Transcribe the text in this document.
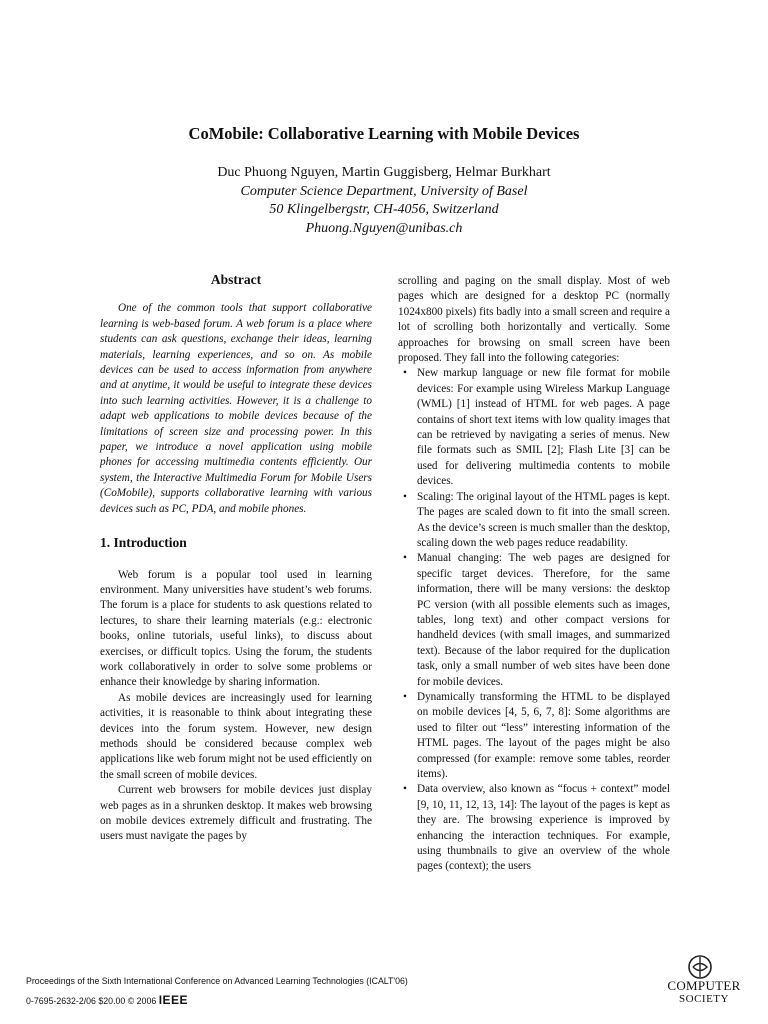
CoMobile: Collaborative Learning with Mobile Devices
Duc Phuong Nguyen, Martin Guggisberg, Helmar Burkhart
Computer Science Department, University of Basel
50 Klingelbergstr, CH-4056, Switzerland
Phuong.Nguyen@unibas.ch
Abstract

One of the common tools that support collaborative learning is web-based forum. A web forum is a place where students can ask questions, exchange their ideas, learning materials, learning experiences, and so on. As mobile devices can be used to access information from anywhere and at anytime, it would be useful to integrate these devices into such learning activities. However, it is a challenge to adapt web applications to mobile devices because of the limitations of screen size and processing power. In this paper, we introduce a novel application using mobile phones for accessing multimedia contents efficiently. Our system, the Interactive Multimedia Forum for Mobile Users (CoMobile), supports collaborative learning with various devices such as PC, PDA, and mobile phones.

1. Introduction

Web forum is a popular tool used in learning environment. Many universities have student’s web forums. The forum is a place for students to ask questions related to lectures, to share their learning materials (e.g.: electronic books, online tutorials, useful links), to discuss about exercises, or difficult topics. Using the forum, the students work collaboratively in order to solve some problems or enhance their knowledge by sharing information.

As mobile devices are increasingly used for learning activities, it is reasonable to think about integrating these devices into the forum system. However, new design methods should be considered because complex web applications like web forum might not be used efficiently on the small screen of mobile devices.

Current web browsers for mobile devices just display web pages as in a shrunken desktop. It makes web browsing on mobile devices extremely difficult and frustrating. The users must navigate the pages by

scrolling and paging on the small display. Most of web pages which are designed for a desktop PC (normally 1024x800 pixels) fits badly into a small screen and require a lot of scrolling both horizontally and vertically. Some approaches for browsing on small screen have been proposed. They fall into the following categories:

• New markup language or new file format for mobile devices: For example using Wireless Markup Language (WML) [1] instead of HTML for web pages. A page contains of short text items with low quality images that can be retrieved by navigating a series of menus. New file formats such as SMIL [2]; Flash Lite [3] can be used for delivering multimedia contents to mobile devices.
• Scaling: The original layout of the HTML pages is kept. The pages are scaled down to fit into the small screen. As the device’s screen is much smaller than the desktop, scaling down the web pages reduce readability.
• Manual changing: The web pages are designed for specific target devices. Therefore, for the same information, there will be many versions: the desktop PC version (with all possible elements such as images, tables, long text) and other compact versions for handheld devices (with small images, and summarized text). Because of the labor required for the duplication task, only a small number of web sites have been done for mobile devices.
• Dynamically transforming the HTML to be displayed on mobile devices [4, 5, 6, 7, 8]: Some algorithms are used to filter out “less” interesting information of the HTML pages. The layout of the pages might be also compressed (for example: remove some tables, reorder items).
• Data overview, also known as “focus + context” model [9, 10, 11, 12, 13, 14]: The layout of the pages is kept as they are. The browsing experience is improved by enhancing the interaction techniques. For example, using thumbnails to give an overview of the whole pages (context); the users
Proceedings of the Sixth International Conference on Advanced Learning Technologies (ICALT'06)
0-7695-2632-2/06 $20.00 © 2006 IEEE
COMPUTER
SOCIETY
